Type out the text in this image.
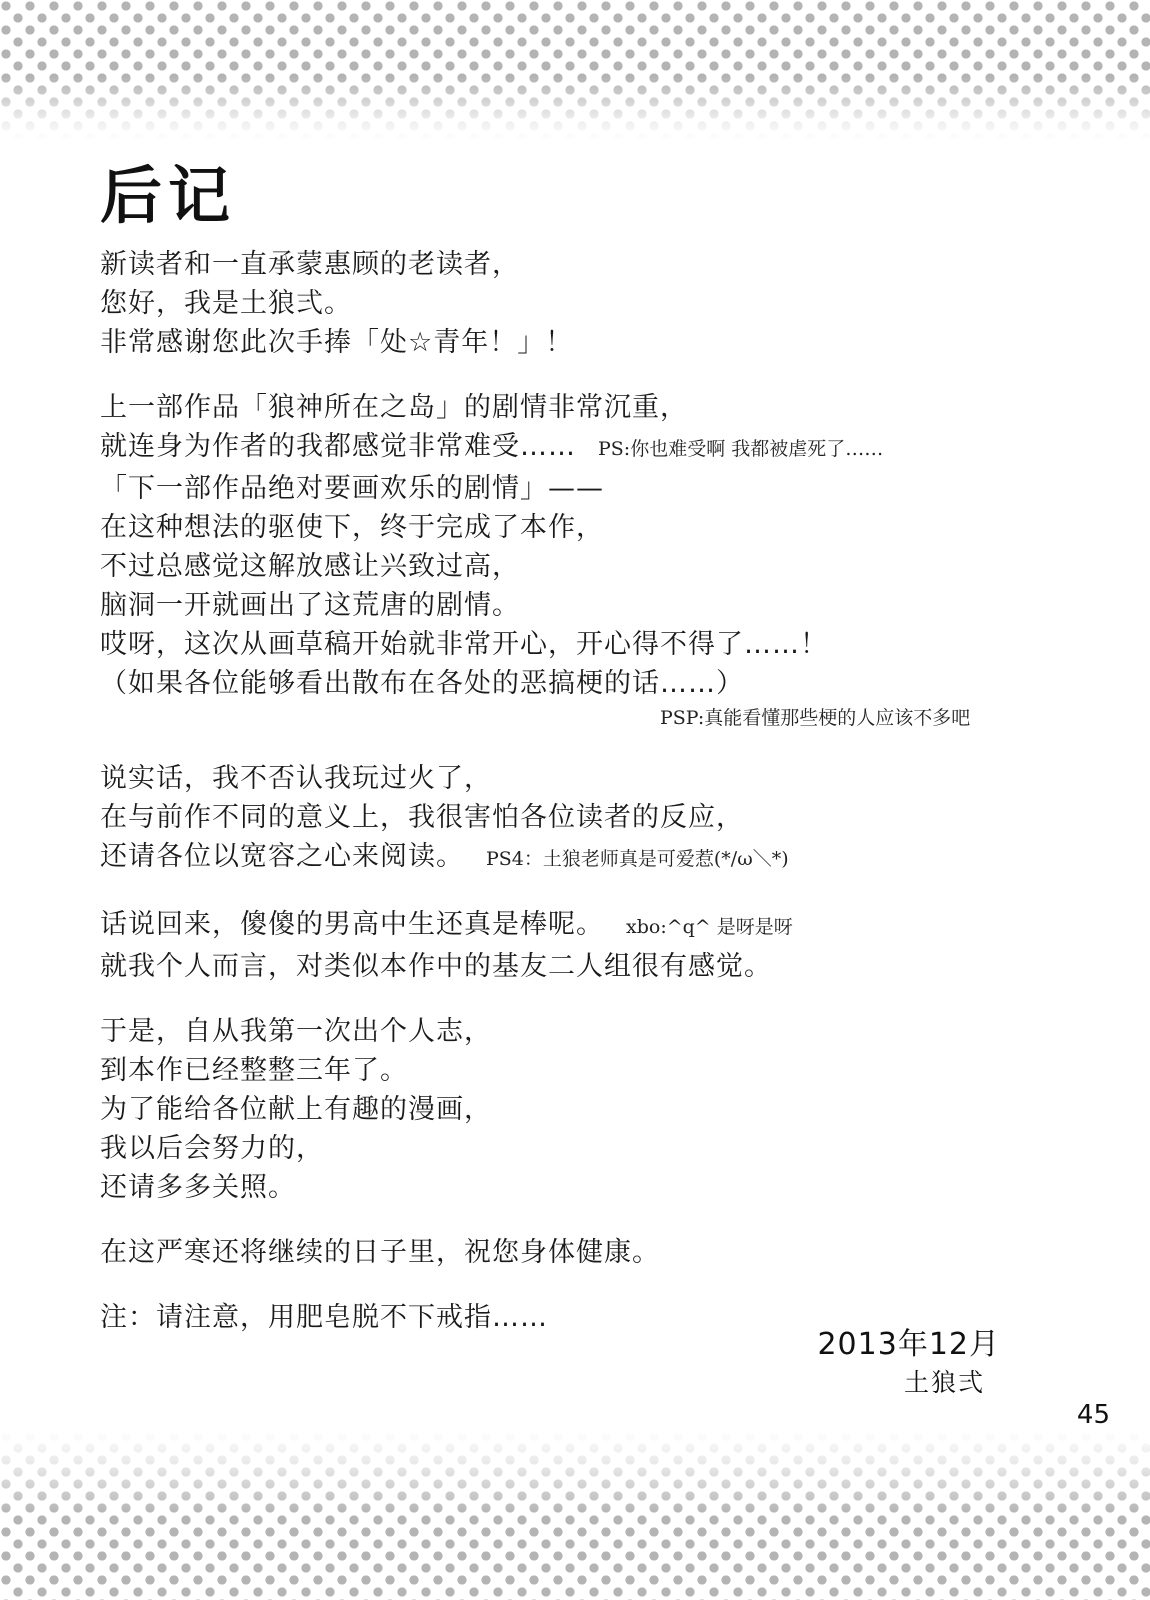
后记
新读者和一直承蒙惠顾的老读者，
您好，我是土狼弍。
非常感谢您此次手捧「处☆青年！」！
上一部作品「狼神所在之岛」的剧情非常沉重，
就连身为作者的我都感觉非常难受…… PS:你也难受啊 我都被虐死了……
「下一部作品绝对要画欢乐的剧情」——
在这种想法的驱使下，终于完成了本作，
不过总感觉这解放感让兴致过高，
脑洞一开就画出了这荒唐的剧情。
哎呀，这次从画草稿开始就非常开心，开心得不得了……！
（如果各位能够看出散布在各处的恶搞梗的话……）
PSP:真能看懂那些梗的人应该不多吧
说实话，我不否认我玩过火了，
在与前作不同的意义上，我很害怕各位读者的反应，
还请各位以宽容之心来阅读。 PS4：土狼老师真是可爱惹(*∕ω＼*)
话说回来，傻傻的男高中生还真是棒呢。 xbo:^q^ 是呀是呀
就我个人而言，对类似本作中的基友二人组很有感觉。
于是，自从我第一次出个人志，
到本作已经整整三年了。
为了能给各位献上有趣的漫画，
我以后会努力的，
还请多多关照。
在这严寒还将继续的日子里，祝您身体健康。
注：请注意，用肥皂脱不下戒指……
2013年12月
土狼弍
45
